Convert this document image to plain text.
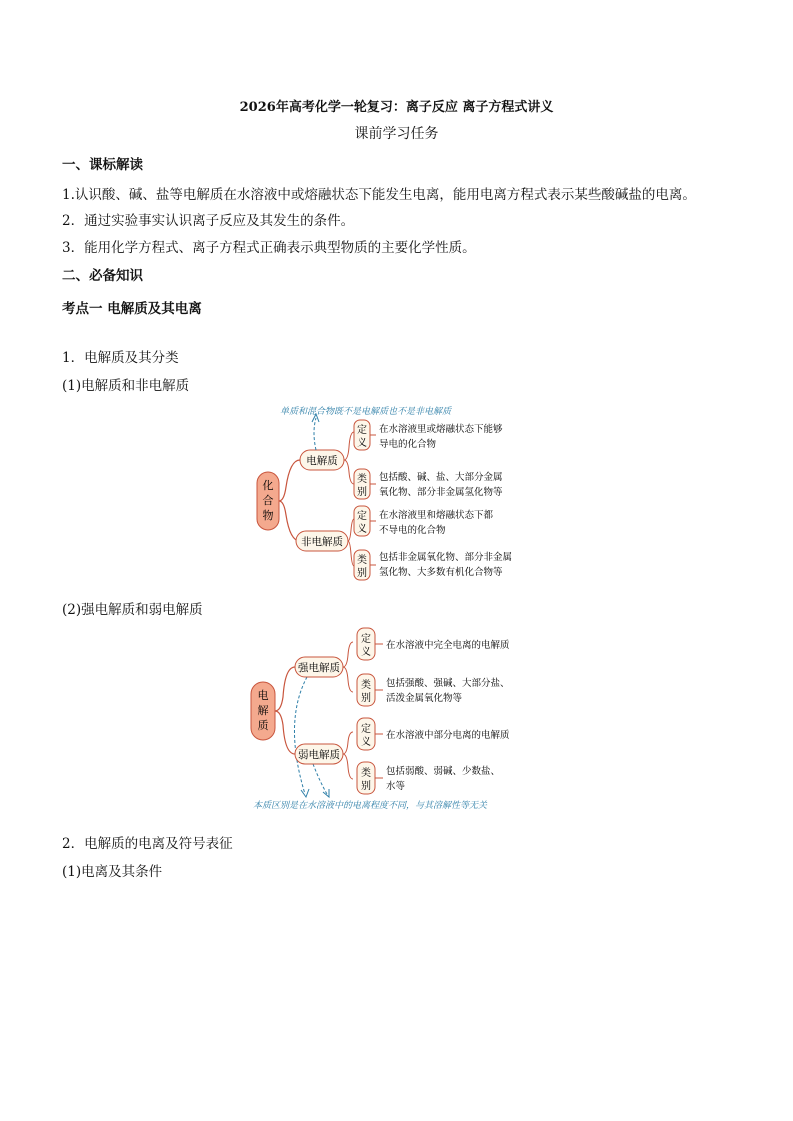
2026年高考化学一轮复习：离子反应 离子方程式讲义
课前学习任务
一、课标解读
1.认识酸、碱、盐等电解质在水溶液中或熔融状态下能发生电离，能用电离方程式表示某些酸碱盐的电离。
2．通过实验事实认识离子反应及其发生的条件。
3．能用化学方程式、离子方程式正确表示典型物质的主要化学性质。
二、必备知识
考点一 电解质及其电离
1．电解质及其分类
(1)电解质和非电解质
化
合
物
电解质
单质和混合物既不是电解质也不是非电解质
定
义
在水溶液里或熔融状态下能够
导电的化合物
类
别
包括酸、碱、盐、大部分金属
氧化物、部分非金属氢化物等
非电解质
定
义
在水溶液里和熔融状态下都
不导电的化合物
类
别
包括非金属氧化物、部分非金属
氢化物、大多数有机化合物等
(2)强电解质和弱电解质
电
解
质
强电解质
定
义
在水溶液中完全电离的电解质
类
别
包括强酸、强碱、大部分盐、
活泼金属氧化物等
弱电解质
定
义
在水溶液中部分电离的电解质
类
别
包括弱酸、弱碱、少数盐、
水等
本质区别是在水溶液中的电离程度不同，与其溶解性等无关
2．电解质的电离及符号表征
(1)电离及其条件
